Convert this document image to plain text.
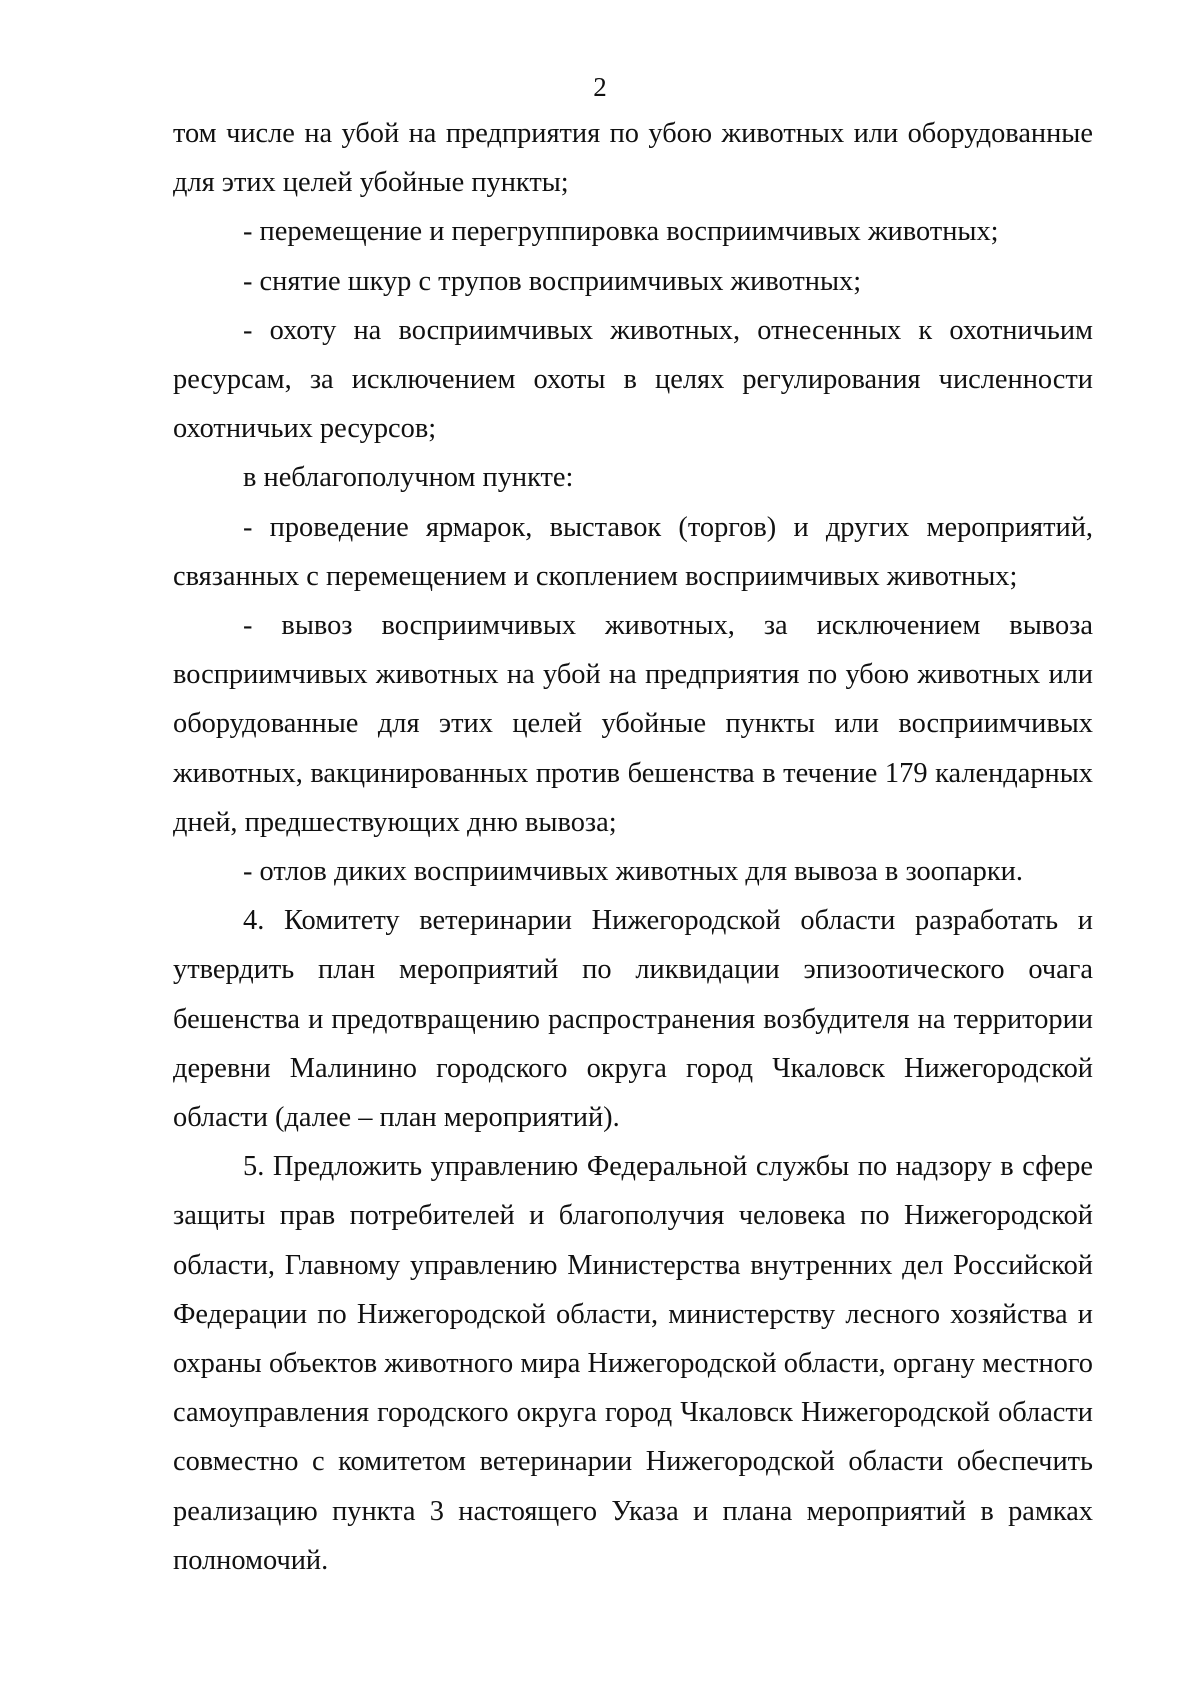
2

том числе на убой на предприятия по убою животных или оборудованные для этих целей убойные пункты;

- перемещение и перегруппировка восприимчивых животных;

- снятие шкур с трупов восприимчивых животных;

- охоту на восприимчивых животных, отнесенных к охотничьим ресурсам, за исключением охоты в целях регулирования численности охотничьих ресурсов;

в неблагополучном пункте:

- проведение ярмарок, выставок (торгов) и других мероприятий, связанных с перемещением и скоплением восприимчивых животных;

- вывоз восприимчивых животных, за исключением вывоза восприимчивых животных на убой на предприятия по убою животных или оборудованные для этих целей убойные пункты или восприимчивых животных, вакцинированных против бешенства в течение 179 календарных дней, предшествующих дню вывоза;

- отлов диких восприимчивых животных для вывоза в зоопарки.

4. Комитету ветеринарии Нижегородской области разработать и утвердить план мероприятий по ликвидации эпизоотического очага бешенства и предотвращению распространения возбудителя на территории деревни Малинино городского округа город Чкаловск Нижегородской области (далее – план мероприятий).

5. Предложить управлению Федеральной службы по надзору в сфере защиты прав потребителей и благополучия человека по Нижегородской области, Главному управлению Министерства внутренних дел Российской Федерации по Нижегородской области, министерству лесного хозяйства и охраны объектов животного мира Нижегородской области, органу местного самоуправления городского округа город Чкаловск Нижегородской области совместно с комитетом ветеринарии Нижегородской области обеспечить реализацию пункта 3 настоящего Указа и плана мероприятий в рамках полномочий.
